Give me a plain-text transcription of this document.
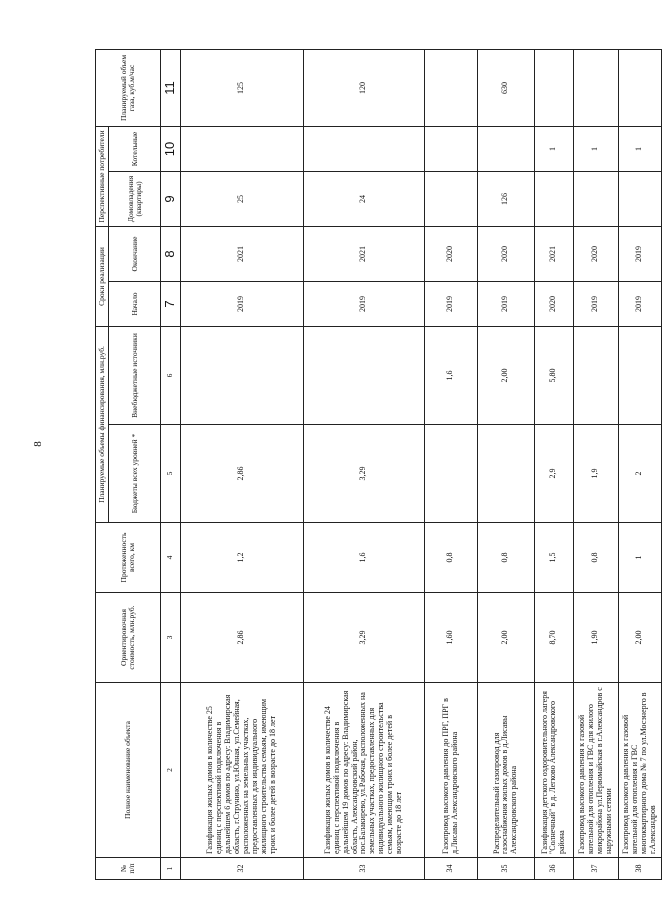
8
№ п/п	Полное наименование объекта	Ориентировочная стоимость, млн.руб.	Протяженность всего, км	Планируемые объемы финансирования, млн.руб.		Сроки реализации		Перспективные потребители		Планируемый объем газа, куб.м/час
				Бюджеты всех уровней *	Внебюджетные источники	Начало	Окончание	Домовладения (квартиры)	Котельные	
1	2	3	4	5	6	7	8	9	10	11
32	Газификация жилых домов в количестве 25 единиц с перспективой подключения в дальнейшем 6 домов по адресу: Владимирская область, г.Струнино, ул.Юнная, ул.Семейная, расположенных на земельных участках, предоставленных для индивидуального жилищного строительства семьям, имеющим троих и более детей в возрасте до 18 лет	2,86	1,2	2,86		2019	2021	25		125
33	Газификация жилых домов в количестве 24 единиц с перспективой подключения в дальнейшем 19 домов по адресу: Владимирская область, Александровский район, пос.Балакирево, ул.Рабочая, расположенных на земельных участках, предоставленных для индивидуального жилищного строительства семьям, имеющим троих и более детей в возрасте до 18 лет	3,29	1,6	3,29		2019	2021	24		120
34	Газопровод высокого давления до ПРГ, ПРГ в д.Лисавы Александровского района	1,60	0,8		1,6	2019	2020			
35	Распределительный газопровод для газоснабжения жилых домов в д.Лисавы Александровского района	2,00	0,8		2,00	2019	2020	126		630
36	Газификация детского оздоровительного лагеря "Солнечный" в д. Легково Александровского района	8,70	1,5	2,9	5,80	2020	2021		1	
37	Газопровод высокого давления к газовой котельной для отопления и ГВС для жилого микрорайона ул.Первомайская в г.Александров с наружными сетями	1,90	0,8	1,9		2019	2020		1	
38	Газопровод высокого давления к газовой котельной для отопления и ГВС многоквартирного дома № 7 по ул.Мосэнерго в г.Александров	2,00	1	2		2019	2019		1	
